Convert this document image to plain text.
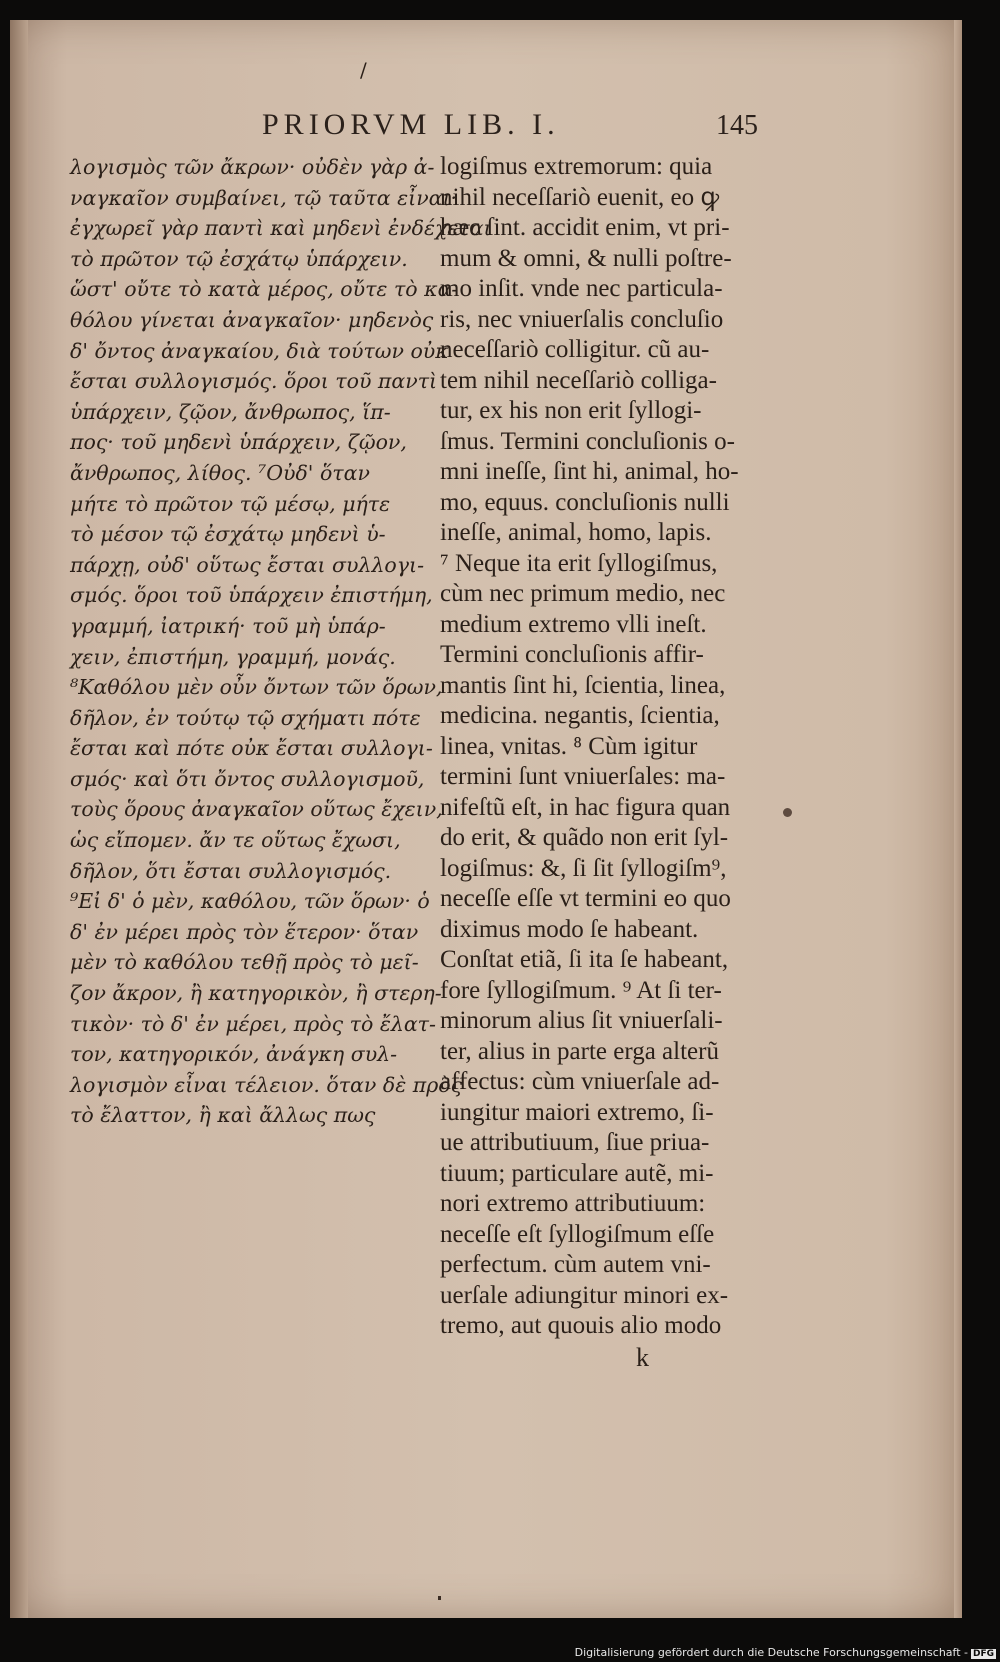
/
PRIORVM LIB. I.	145
λογισμὸς τῶν ἄκρων· οὐδὲν γὰρ ἀ-
ναγκαῖον συμβαίνει, τῷ ταῦτα εἶναι·
ἐγχωρεῖ γὰρ παντὶ καὶ μηδενὶ ἐνδέχεται
τὸ πρῶτον τῷ ἐσχάτῳ ὑπάρχειν.
ὥστ' οὔτε τὸ κατὰ μέρος, οὔτε τὸ κα-
θόλου γίνεται ἀναγκαῖον· μηδενὸς
δ' ὄντος ἀναγκαίου, διὰ τούτων οὐκ
ἔσται συλλογισμός. ὅροι τοῦ παντὶ
ὑπάρχειν, ζῷον, ἄνθρωπος, ἵπ-
πος· τοῦ μηδενὶ ὑπάρχειν, ζῷον,
ἄνθρωπος, λίθος. ⁷Οὐδ' ὅταν
μήτε τὸ πρῶτον τῷ μέσῳ, μήτε
τὸ μέσον τῷ ἐσχάτῳ μηδενὶ ὑ-
πάρχῃ, οὐδ' οὕτως ἔσται συλλογι-
σμός. ὅροι τοῦ ὑπάρχειν ἐπιστήμη,
γραμμή, ἰατρική· τοῦ μὴ ὑπάρ-
χειν, ἐπιστήμη, γραμμή, μονάς.
⁸Καθόλου μὲν οὖν ὄντων τῶν ὅρων,
δῆλον, ἐν τούτῳ τῷ σχήματι πότε
ἔσται καὶ πότε οὐκ ἔσται συλλογι-
σμός· καὶ ὅτι ὄντος συλλογισμοῦ,
τοὺς ὅρους ἀναγκαῖον οὕτως ἔχειν,
ὡς εἴπομεν. ἄν τε οὕτως ἔχωσι,
δῆλον, ὅτι ἔσται συλλογισμός.
⁹Εἰ δ' ὁ μὲν, καθόλου, τῶν ὅρων· ὁ
δ' ἐν μέρει πρὸς τὸν ἕτερον· ὅταν
μὲν τὸ καθόλου τεθῇ πρὸς τὸ μεῖ-
ζον ἄκρον, ἢ κατηγορικὸν, ἢ στερη-
τικὸν· τὸ δ' ἐν μέρει, πρὸς τὸ ἔλατ-
τον, κατηγορικόν, ἀνάγκη συλ-
λογισμὸν εἶναι τέλειον. ὅταν δὲ πρὸς
τὸ ἔλαττον, ἢ καὶ ἄλλως πως
logiſmus extremorum: quia
nihil neceſſariò euenit, eo ꝙ
hæc ſint. accidit enim, vt pri-
mum & omni, & nulli poſtre-
mo inſit. vnde nec particula-
ris, nec vniuerſalis concluſio
neceſſariò colligitur. cũ au-
tem nihil neceſſariò colliga-
tur, ex his non erit ſyllogi-
ſmus. Termini concluſionis o-
mni ineſſe, ſint hi, animal, ho-
mo, equus. concluſionis nulli
ineſſe, animal, homo, lapis.
⁷ Neque ita erit ſyllogiſmus,
cùm nec primum medio, nec
medium extremo vlli ineſt.
Termini concluſionis affir-
mantis ſint hi, ſcientia, linea,
medicina. negantis, ſcientia,
linea, vnitas. ⁸ Cùm igitur
termini ſunt vniuerſales: ma-
nifeſtũ eſt, in hac figura quan
do erit, & quãdo non erit ſyl-
logiſmus: &, ſi ſit ſyllogiſm⁹,
neceſſe eſſe vt termini eo quo
diximus modo ſe habeant.
Conſtat etiã, ſi ita ſe habeant,
fore ſyllogiſmum. ⁹ At ſi ter-
minorum alius ſit vniuerſali-
ter, alius in parte erga alterũ
affectus: cùm vniuerſale ad-
iungitur maiori extremo, ſi-
ue attributiuum, ſiue priua-
tiuum; particulare autẽ, mi-
nori extremo attributiuum:
neceſſe eſt ſyllogiſmum eſſe
perfectum. cùm autem vni-
uerſale adiungitur minori ex-
tremo, aut quouis alio modo
k
Digitalisierung gefördert durch die Deutsche Forschungsgemeinschaft - DFG
